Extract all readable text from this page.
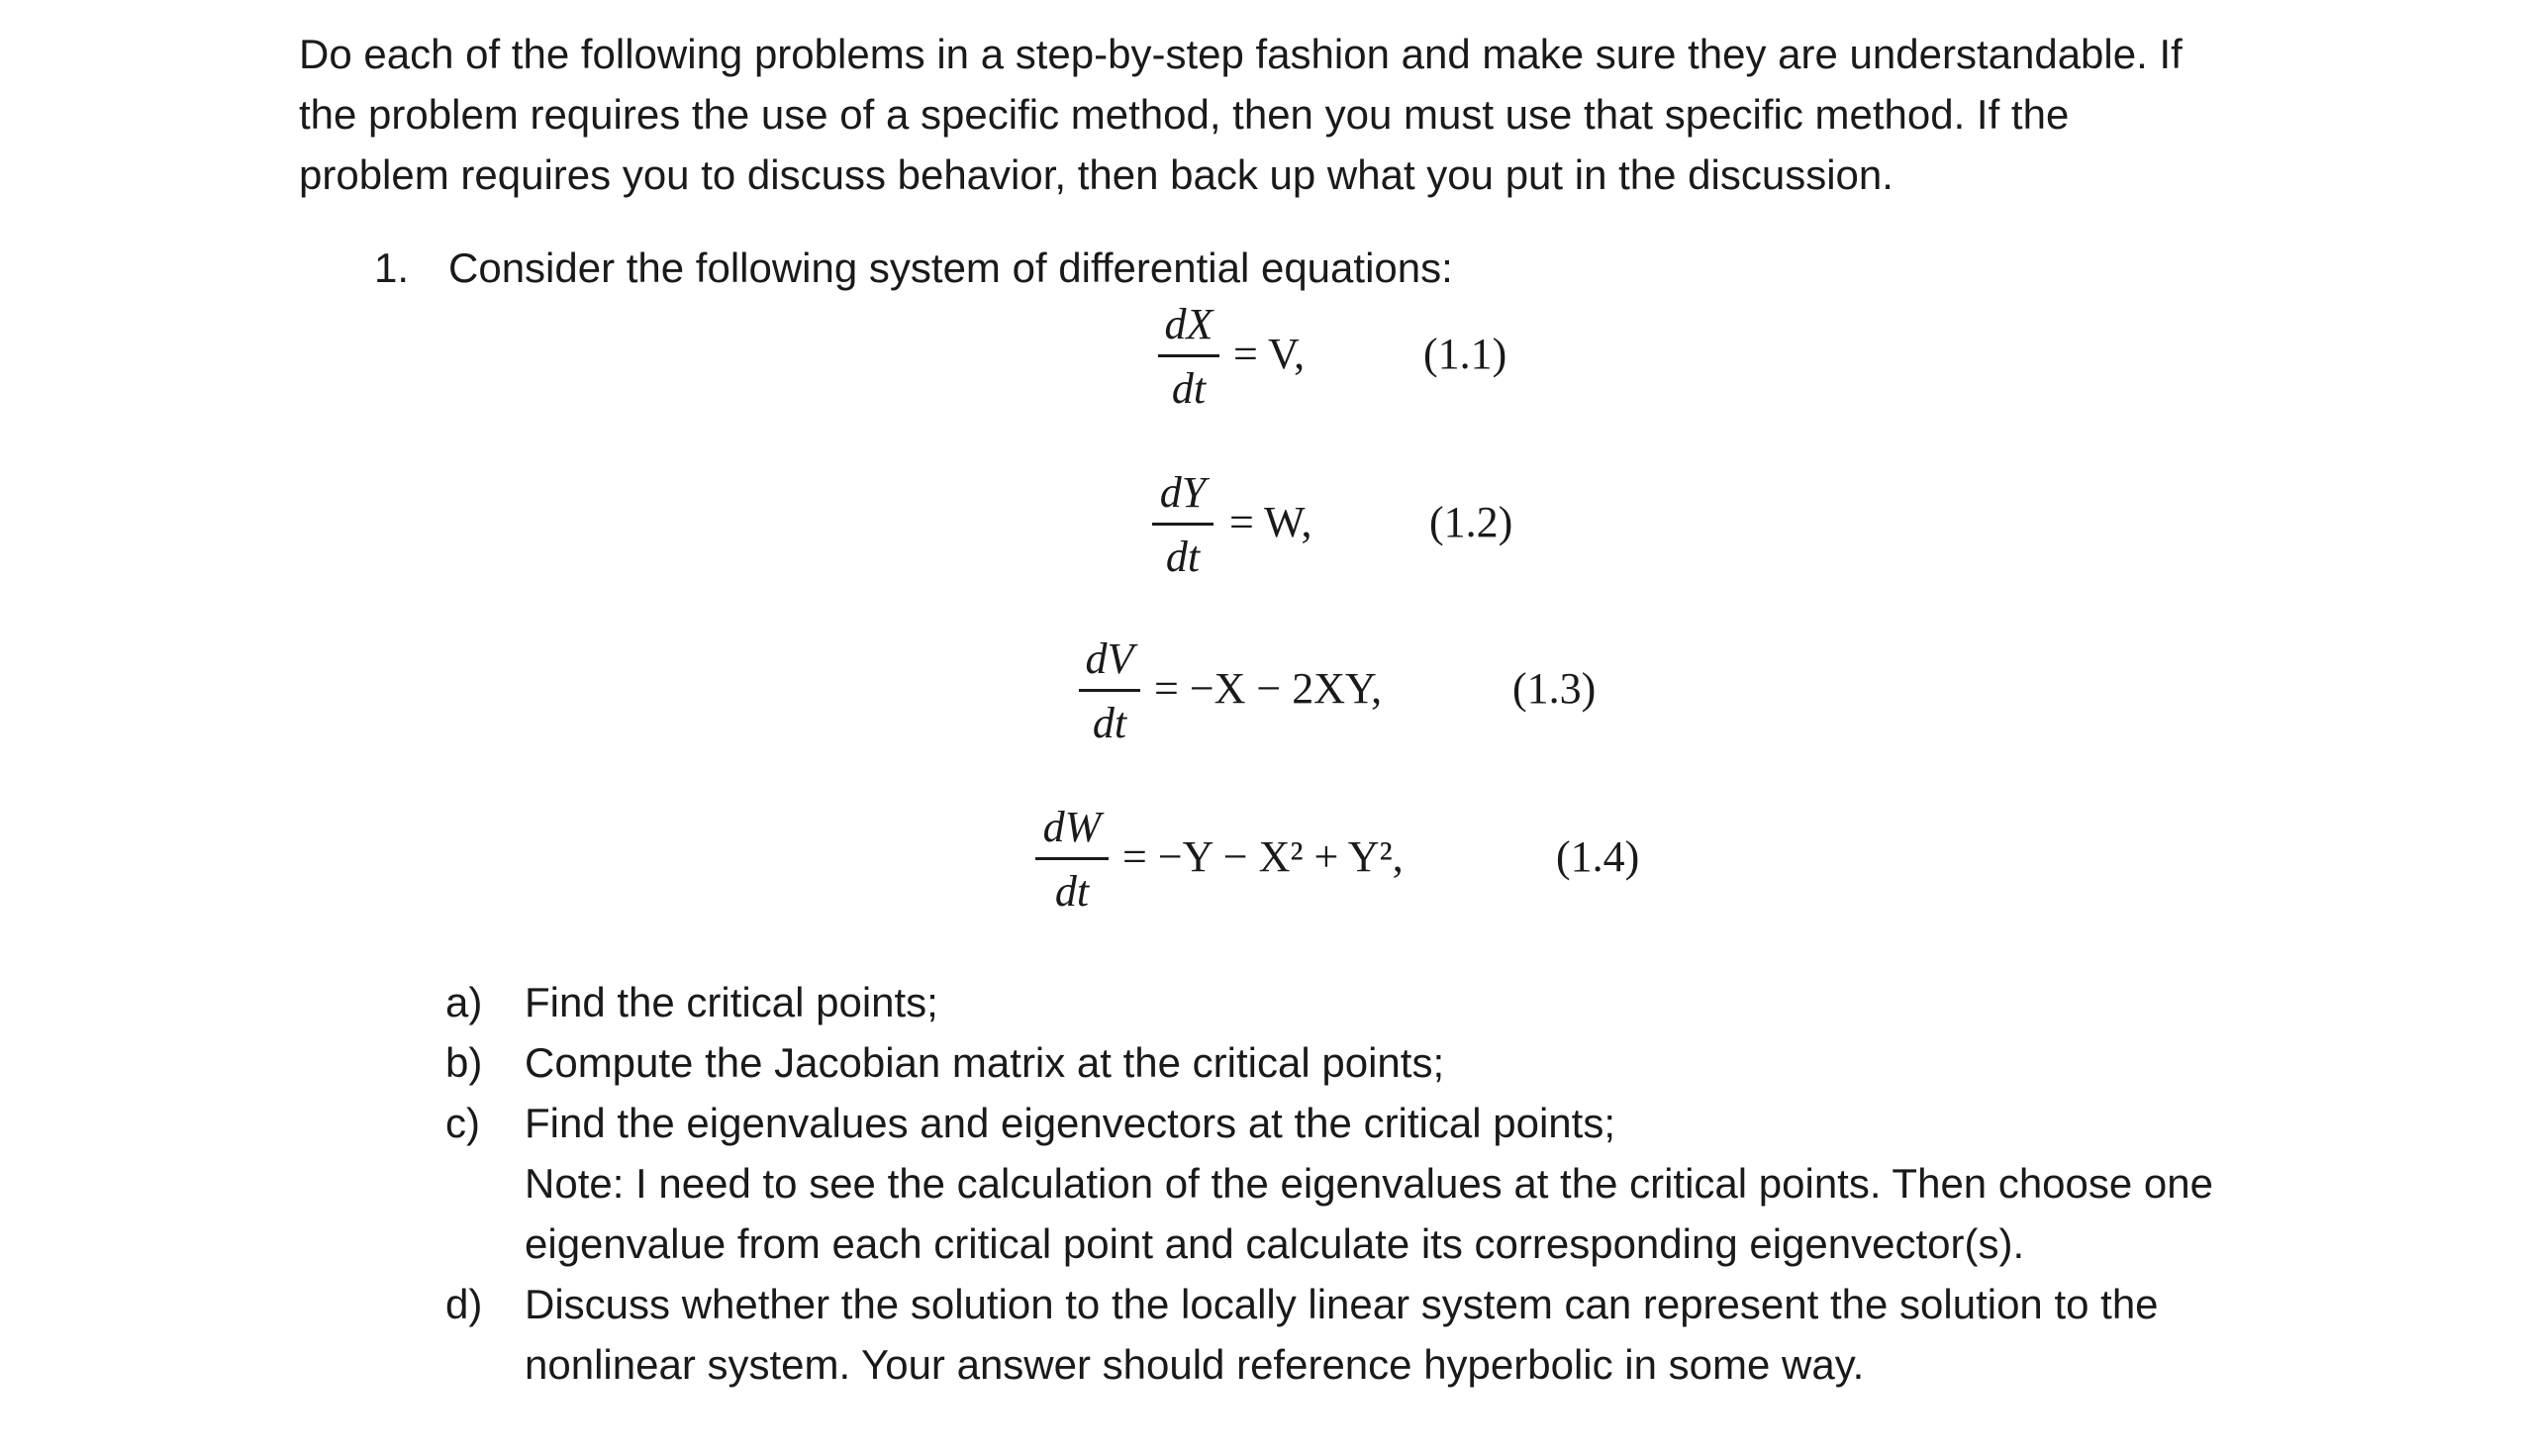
Do each of the following problems in a step-by-step fashion and make sure they are understandable. If
the problem requires the use of a specific method, then you must use that specific method. If the
problem requires you to discuss behavior, then back up what you put in the discussion.

1. Consider the following system of differential equations:
dX
dt
= V,	(1.1)
dY
dt
= W,	(1.2)
dV
dt
= −X − 2XY,	(1.3)
dW
dt
= −Y − X² + Y²,	(1.4)
a) Find the critical points;
b) Compute the Jacobian matrix at the critical points;
c) Find the eigenvalues and eigenvectors at the critical points;
Note: I need to see the calculation of the eigenvalues at the critical points. Then choose one
eigenvalue from each critical point and calculate its corresponding eigenvector(s).
d) Discuss whether the solution to the locally linear system can represent the solution to the
nonlinear system. Your answer should reference hyperbolic in some way.
